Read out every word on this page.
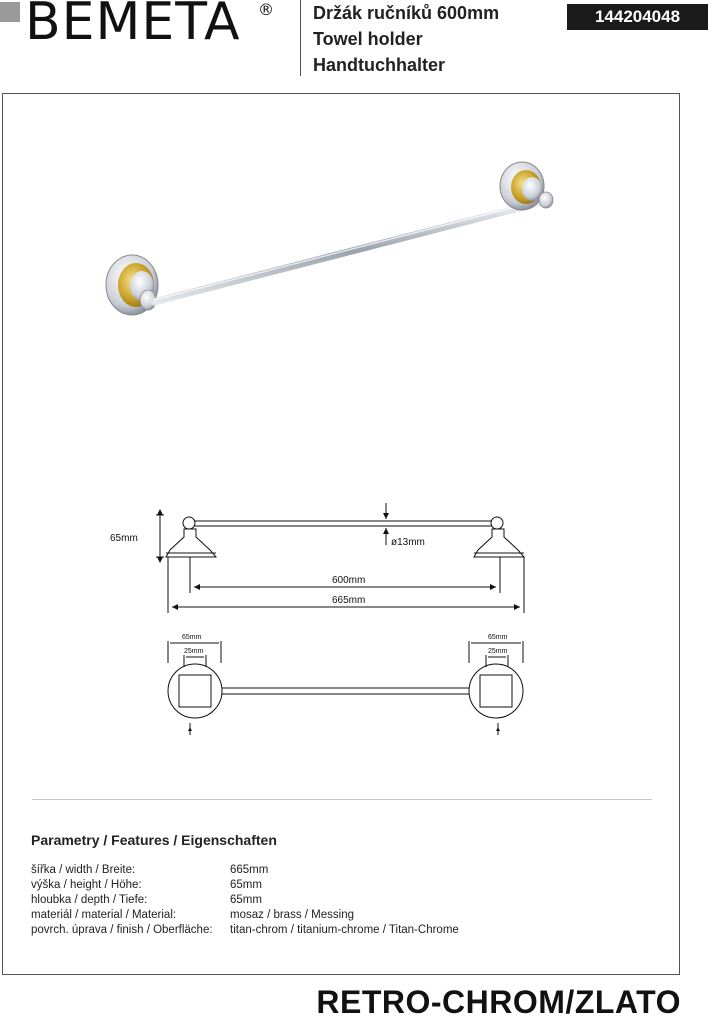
BEMETA ® Držák ručníků 600mm
Towel holder
Handtuchhalter
144204048
65mm	ø13mm
600mm
665mm
65mm
25mm
65mm
25mm
Parametry / Features / Eigenschaften
šířka / width / Breite:	665mm
výška / height / Höhe:	65mm
hloubka / depth / Tiefe:	65mm
materiál / material / Material:	mosaz / brass / Messing
povrch. úprava / finish / Oberfläche:	titan-chrom / titanium-chrome / Titan-Chrome
RETRO-CHROM/ZLATO
